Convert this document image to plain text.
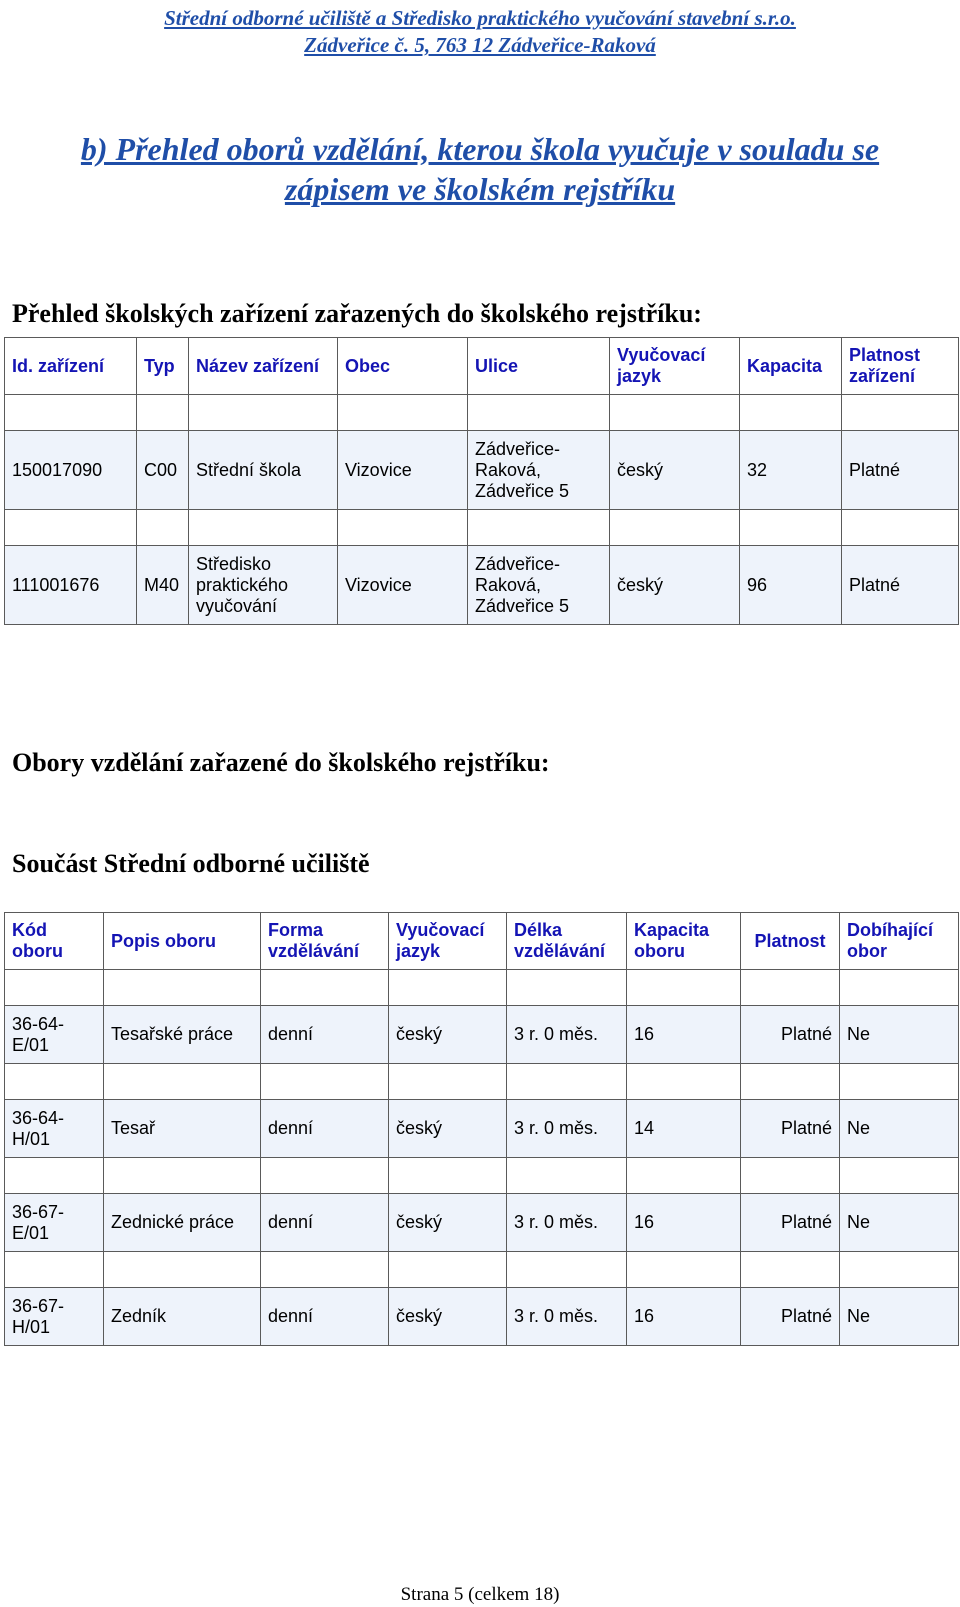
Střední odborné učiliště a Středisko praktického vyučování stavební s.r.o.
Zádveřice č. 5, 763 12 Zádveřice-Raková
b) Přehled oborů vzdělání, kterou škola vyučuje v souladu se
zápisem ve školském rejstříku
Přehled školských zařízení zařazených do školského rejstříku:
Id. zařízení	Typ	Název zařízení	Obec	Ulice	Vyučovací jazyk	Kapacita	Platnost zařízení

150017090	C00	Střední škola	Vizovice	Zádveřice-Raková, Zádveřice 5	český	32	Platné

111001676	M40	Středisko praktického vyučování	Vizovice	Zádveřice-Raková, Zádveřice 5	český	96	Platné
Obory vzdělání zařazené do školského rejstříku:
Součást Střední odborné učiliště
Kód oboru	Popis oboru	Forma vzdělávání	Vyučovací jazyk	Délka vzdělávání	Kapacita oboru	Platnost	Dobíhající obor

36-64-E/01	Tesařské práce	denní	český	3 r. 0 měs.	16	Platné	Ne

36-64-H/01	Tesař	denní	český	3 r. 0 měs.	14	Platné	Ne

36-67-E/01	Zednické práce	denní	český	3 r. 0 měs.	16	Platné	Ne

36-67-H/01	Zedník	denní	český	3 r. 0 měs.	16	Platné	Ne
Strana 5 (celkem 18)
